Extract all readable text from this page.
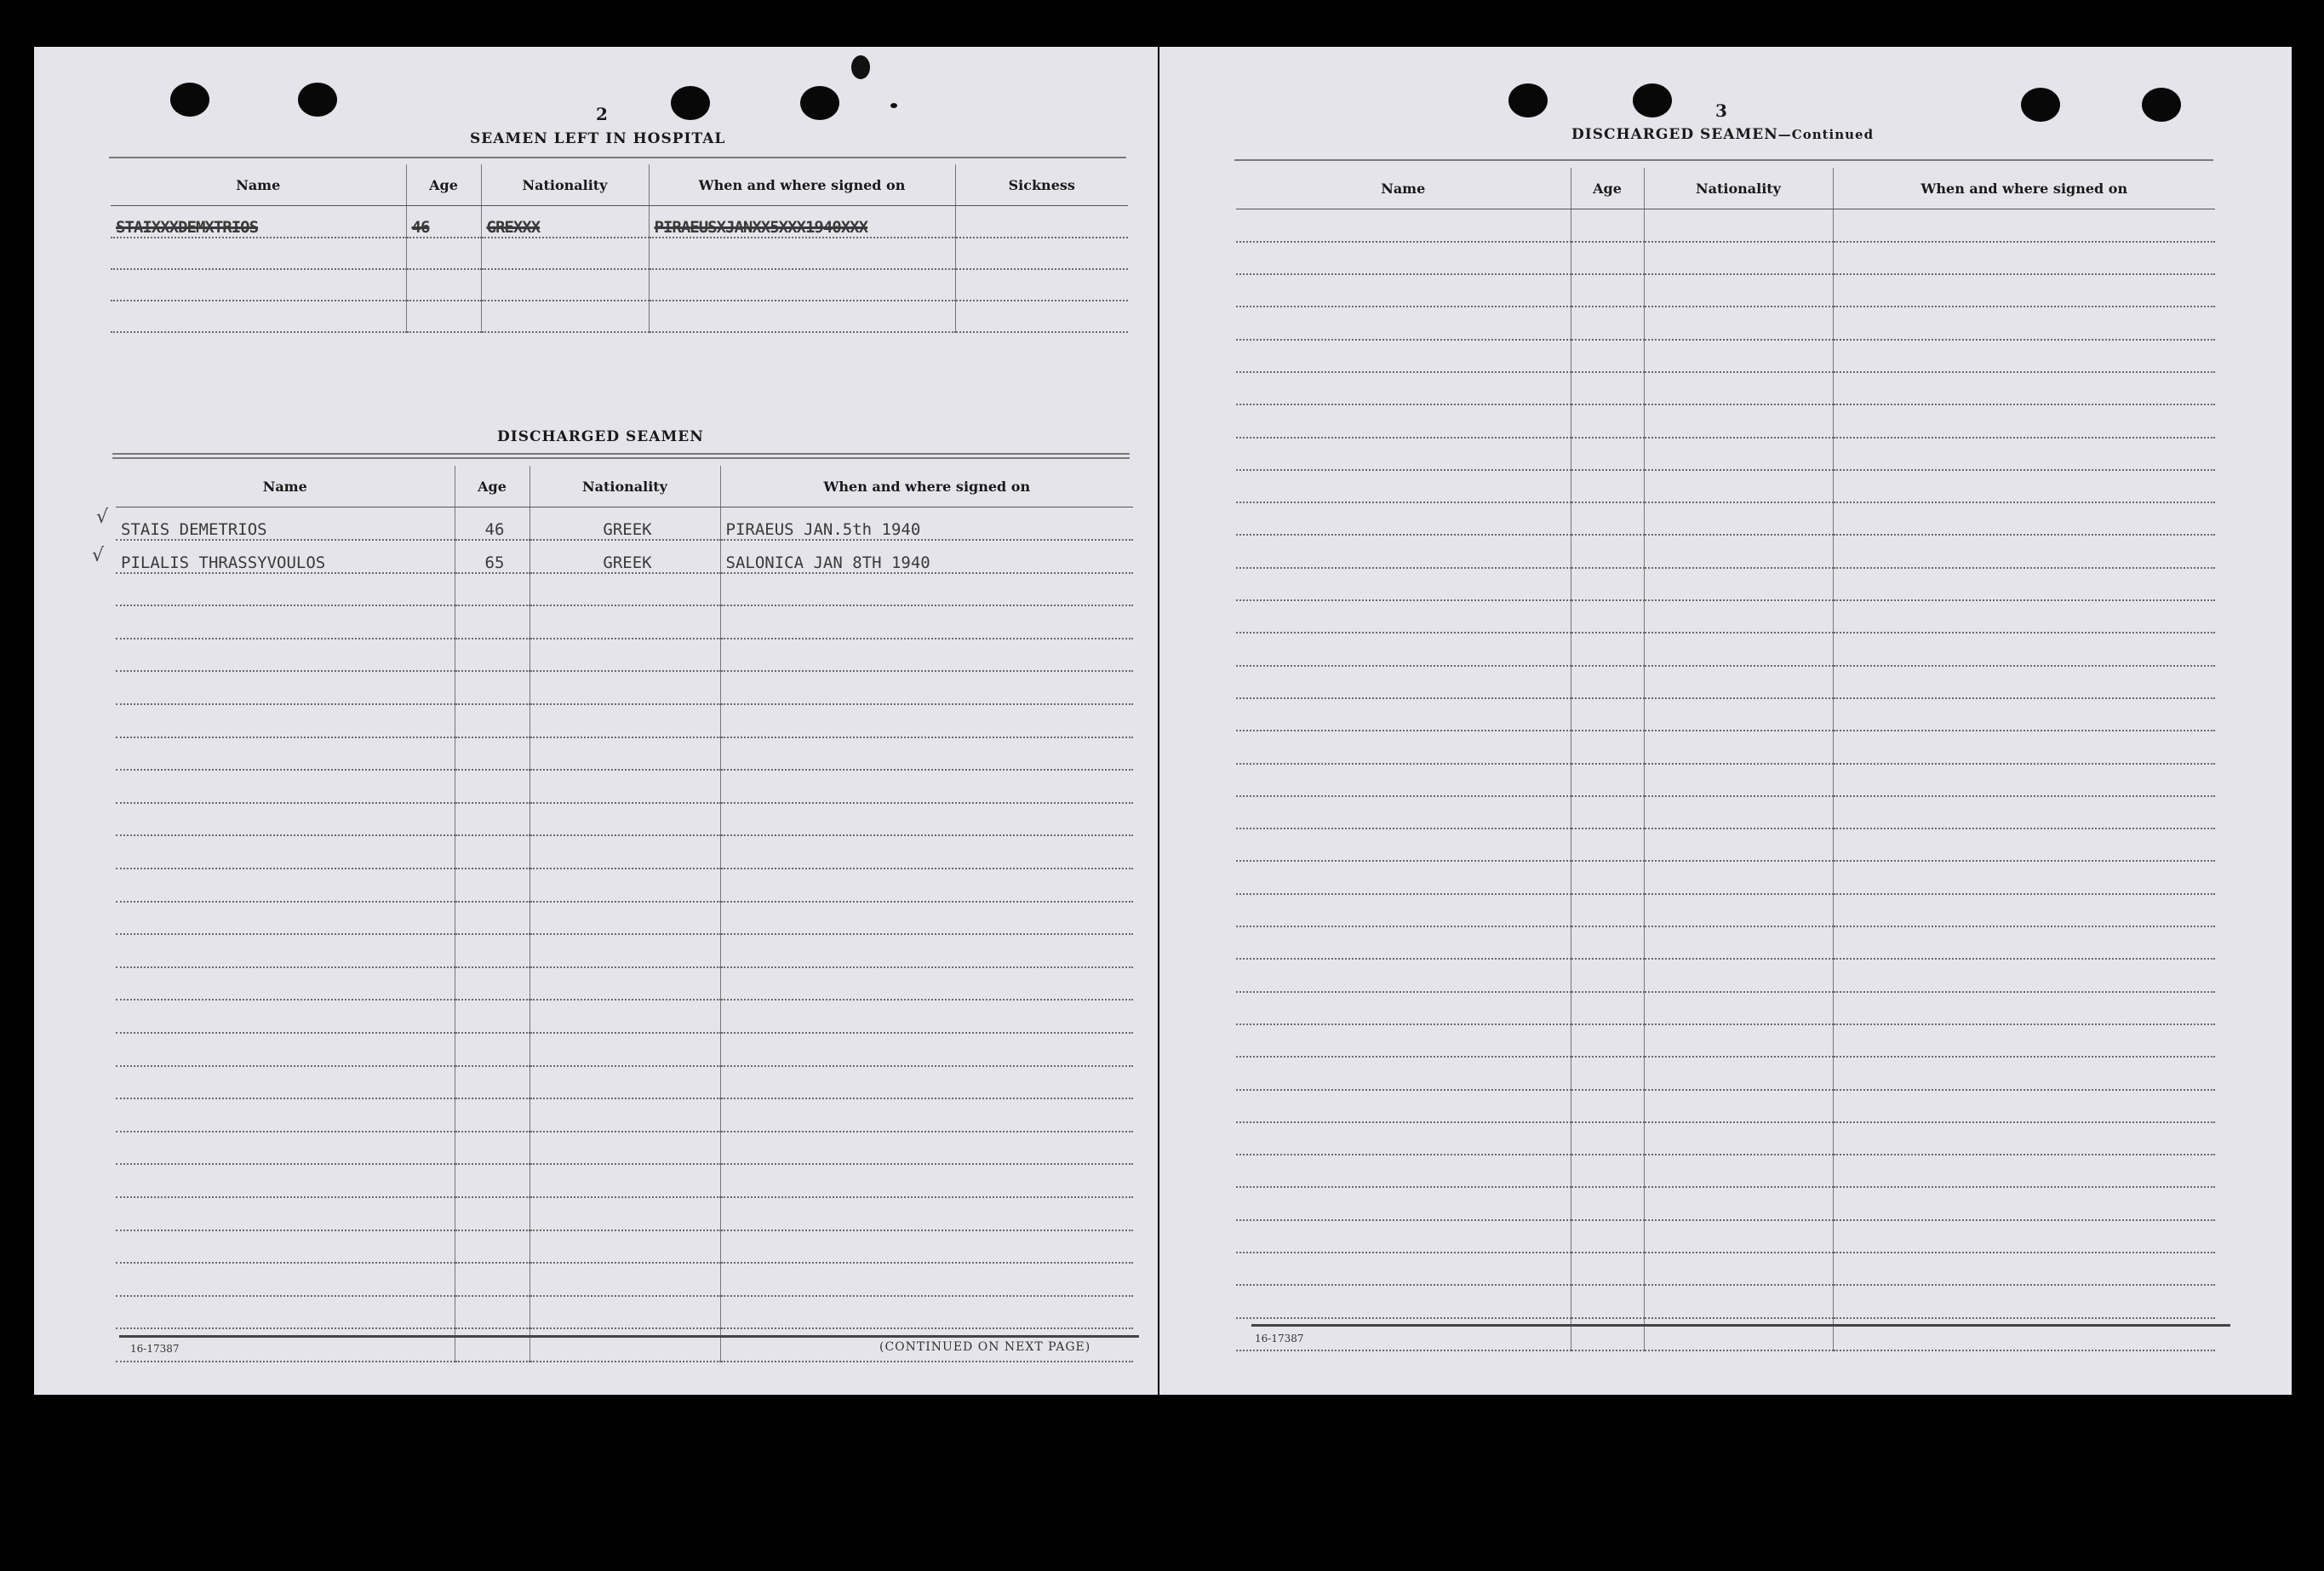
2
SEAMEN LEFT IN HOSPITAL
Name	Age	Nationality	When and where signed on	Sickness
STAIXXXDEMXTRIOS	46	GREXXX	PIRAEUSXJANXX5XXX1940XXX	

DISCHARGED SEAMEN
Name	Age	Nationality	When and where signed on
STAIS DEMETRIOS	46	GREEK	PIRAEUS JAN.5th 1940
PILALIS THRASSYVOULOS	65	GREEK	SALONICA JAN 8TH 1940

√
√
16-17387	(CONTINUED ON NEXT PAGE)
3
DISCHARGED SEAMEN—Continued
Name	Age	Nationality	When and where signed on

16-17387
